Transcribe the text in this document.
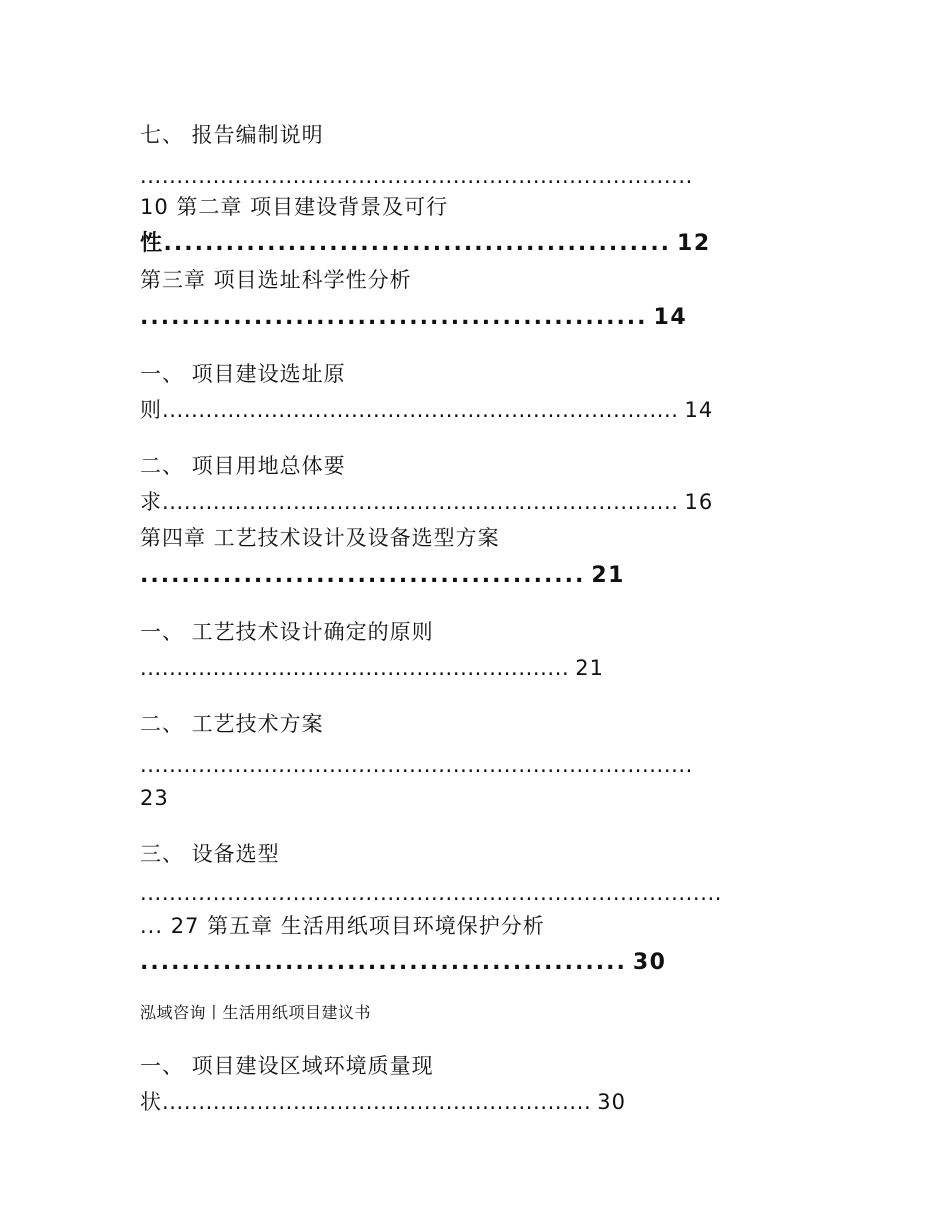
七、 报告编制说明
............................................................................
10 第二章 项目建设背景及可行
性................................................. 12
第三章 项目选址科学性分析
................................................. 14
一、 项目建设选址原
则....................................................................... 14
二、 项目用地总体要
求....................................................................... 16
第四章 工艺技术设计及设备选型方案
........................................... 21
一、 工艺技术设计确定的原则
........................................................... 21
二、 工艺技术方案
............................................................................
23
三、 设备选型
................................................................................
... 27 第五章 生活用纸项目环境保护分析
............................................... 30
泓域咨询丨生活用纸项目建议书
一、 项目建设区域环境质量现
状........................................................... 30
